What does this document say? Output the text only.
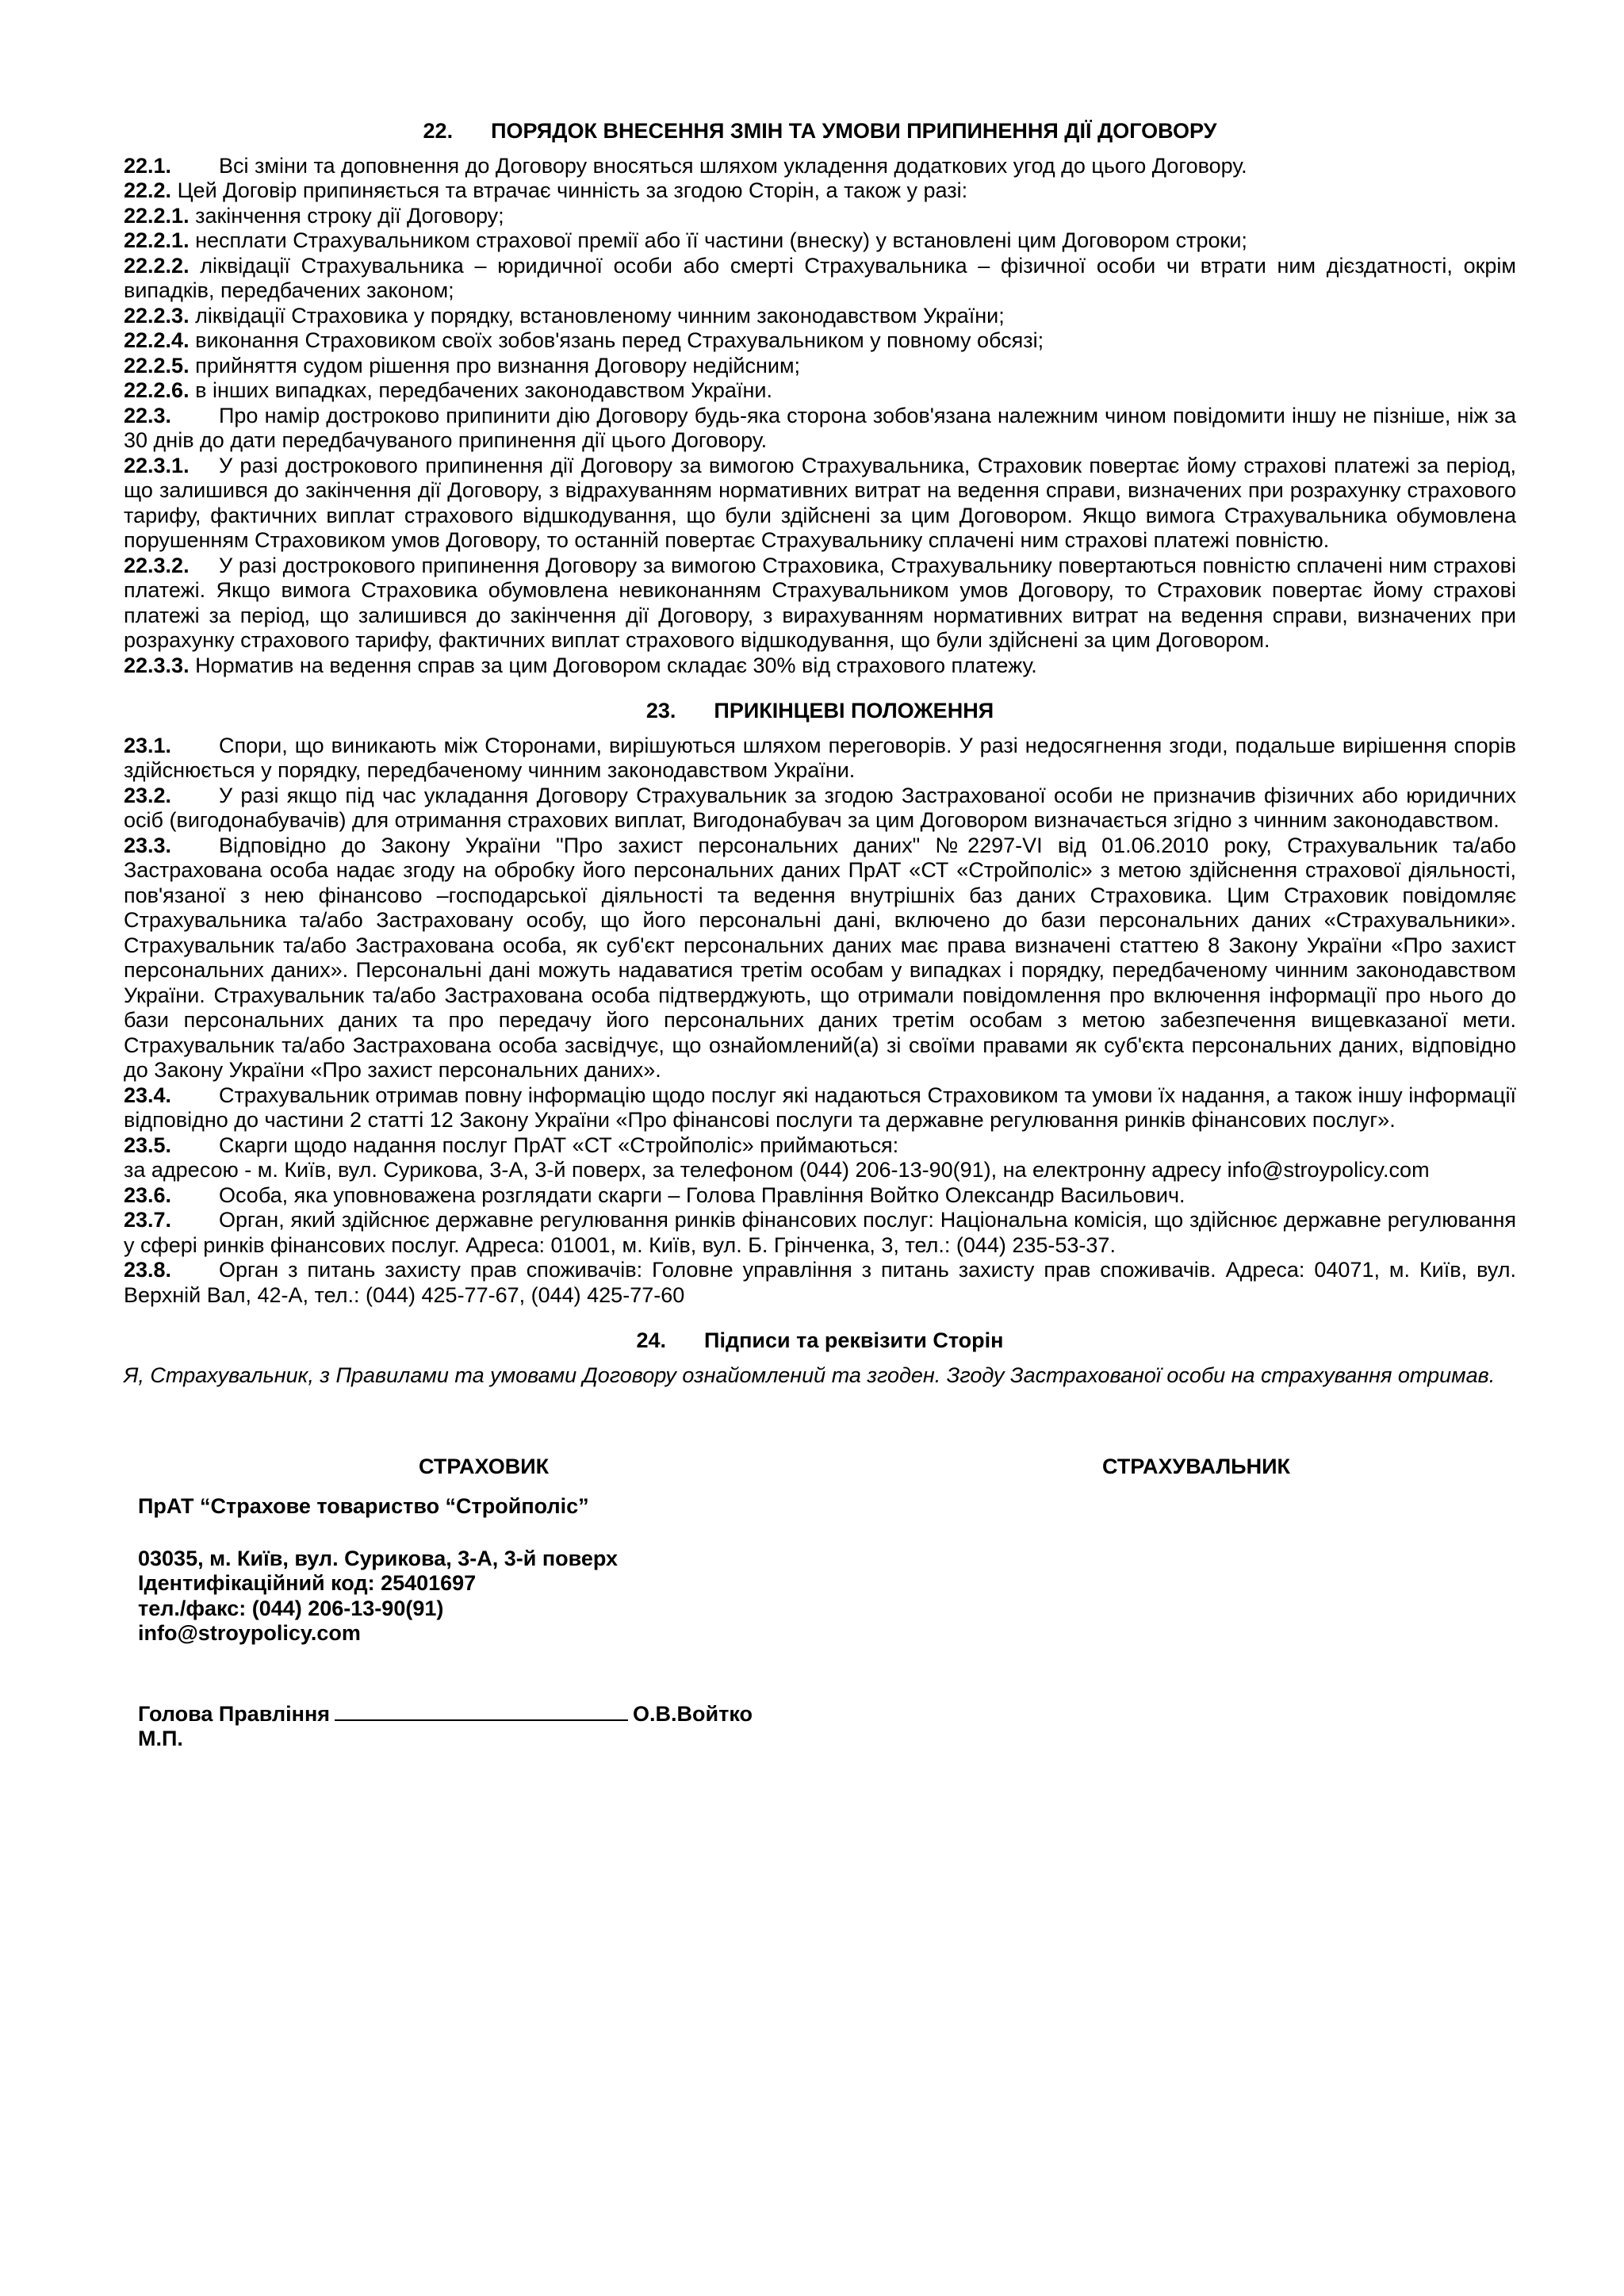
22. ПОРЯДОК ВНЕСЕННЯ ЗМІН ТА УМОВИ ПРИПИНЕННЯ ДІЇ ДОГОВОРУ

22.1. Всі зміни та доповнення до Договору вносяться шляхом укладення додаткових угод до цього Договору.

22.2. Цей Договір припиняється та втрачає чинність за згодою Сторін, а також у разі:

22.2.1. закінчення строку дії Договору;

22.2.1. несплати Страхувальником страхової премії або її частини (внеску) у встановлені цим Договором строки;

22.2.2. ліквідації Страхувальника – юридичної особи або смерті Страхувальника – фізичної особи чи втрати ним дієздатності, окрім випадків, передбачених законом;

22.2.3. ліквідації Страховика у порядку, встановленому чинним законодавством України;

22.2.4. виконання Страховиком своїх зобов'язань перед Страхувальником у повному обсязі;

22.2.5. прийняття судом рішення про визнання Договору недійсним;

22.2.6. в інших випадках, передбачених законодавством України.

22.3. Про намір достроково припинити дію Договору будь-яка сторона зобов'язана належним чином повідомити іншу не пізніше, ніж за 30 днів до дати передбачуваного припинення дії цього Договору.

22.3.1. У разі дострокового припинення дії Договору за вимогою Страхувальника, Страховик повертає йому страхові платежі за період, що залишився до закінчення дії Договору, з відрахуванням нормативних витрат на ведення справи, визначених при розрахунку страхового тарифу, фактичних виплат страхового відшкодування, що були здійснені за цим Договором. Якщо вимога Страхувальника обумовлена порушенням Страховиком умов Договору, то останній повертає Страхувальнику сплачені ним страхові платежі повністю.

22.3.2. У разі дострокового припинення Договору за вимогою Страховика, Страхувальнику повертаються повністю сплачені ним страхові платежі. Якщо вимога Страховика обумовлена невиконанням Страхувальником умов Договору, то Страховик повертає йому страхові платежі за період, що залишився до закінчення дії Договору, з вирахуванням нормативних витрат на ведення справи, визначених при розрахунку страхового тарифу, фактичних виплат страхового відшкодування, що були здійснені за цим Договором.

22.3.3. Норматив на ведення справ за цим Договором складає 30% від страхового платежу.

23. ПРИКІНЦЕВІ ПОЛОЖЕННЯ

23.1. Спори, що виникають між Сторонами, вирішуються шляхом переговорів. У разі недосягнення згоди, подальше вирішення спорів здійснюється у порядку, передбаченому чинним законодавством України.

23.2. У разі якщо під час укладання Договору Страхувальник за згодою Застрахованої особи не призначив фізичних або юридичних осіб (вигодонабувачів) для отримання страхових виплат, Вигодонабувач за цим Договором визначається згідно з чинним законодавством.

23.3. Відповідно до Закону України "Про захист персональних даних" №2297-VI від 01.06.2010 року, Страхувальник та/або Застрахована особа надає згоду на обробку його персональних даних ПрАТ «СТ «Стройполіс» з метою здійснення страхової діяльності, пов'язаної з нею фінансово –господарської діяльності та ведення внутрішніх баз даних Страховика. Цим Страховик повідомляє Страхувальника та/або Застраховану особу, що його персональні дані, включено до бази персональних даних «Страхувальники». Страхувальник та/або Застрахована особа, як суб'єкт персональних даних має права визначені статтею 8 Закону України «Про захист персональних даних». Персональні дані можуть надаватися третім особам у випадках і порядку, передбаченому чинним законодавством України. Страхувальник та/або Застрахована особа підтверджують, що отримали повідомлення про включення інформації про нього до бази персональних даних та про передачу його персональних даних третім особам з метою забезпечення вищевказаної мети. Страхувальник та/або Застрахована особа засвідчує, що ознайомлений(а) зі своїми правами як суб'єкта персональних даних, відповідно до Закону України «Про захист персональних даних».

23.4. Страхувальник отримав повну інформацію щодо послуг які надаються Страховиком та умови їх надання, а також іншу інформації відповідно до частини 2 статті 12 Закону України «Про фінансові послуги та державне регулювання ринків фінансових послуг».

23.5. Скарги щодо надання послуг ПрАТ «СТ «Стройполіс» приймаються:

за адресою - м. Київ, вул. Сурикова, 3-А, 3-й поверх, за телефоном (044) 206-13-90(91), на електронну адресу info@stroypolicy.com

23.6. Особа, яка уповноважена розглядати скарги – Голова Правління Войтко Олександр Васильович.

23.7. Орган, який здійснює державне регулювання ринків фінансових послуг: Національна комісія, що здійснює державне регулювання у сфері ринків фінансових послуг. Адреса: 01001, м. Київ, вул. Б. Грінченка, 3, тел.: (044) 235-53-37.

23.8. Орган з питань захисту прав споживачів: Головне управління з питань захисту прав споживачів. Адреса: 04071, м. Київ, вул. Верхній Вал, 42-А, тел.: (044) 425-77-67, (044) 425-77-60

24. Підписи та реквізити Сторін

Я, Страхувальник, з Правилами та умовами Договору ознайомлений та згоден. Згоду Застрахованої особи на страхування отримав.

СТРАХОВИК	СТРАХУВАЛЬНИК
ПрАТ “Страхове товариство “Стройполіс”
03035, м. Київ, вул. Сурикова, 3-А, 3-й поверх
Ідентифікаційний код: 25401697
тел./факс: (044) 206-13-90(91)
info@stroypolicy.com
Голова Правління	О.В.Войтко
М.П.
